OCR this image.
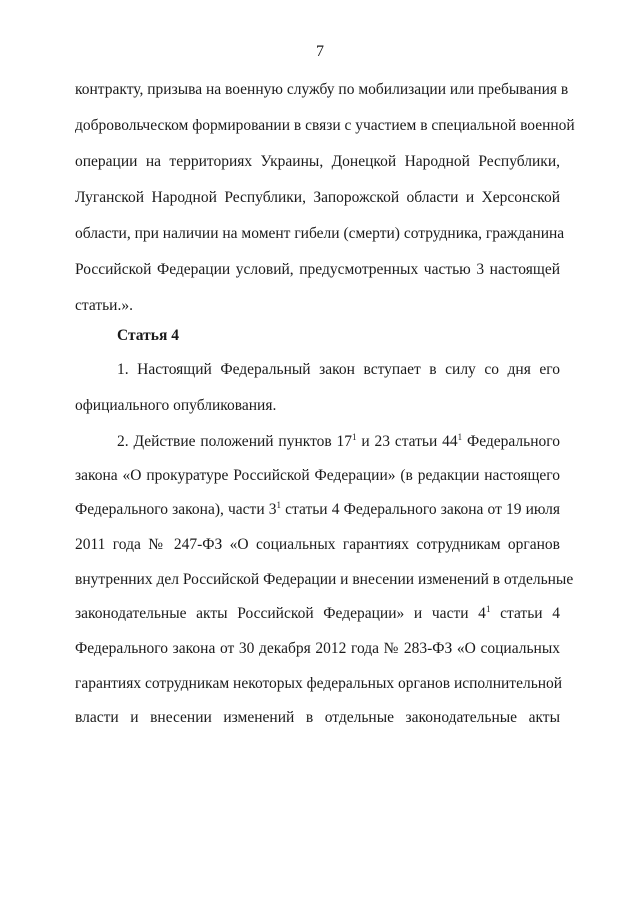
7
контракту, призыва на военную службу по мобилизации или пребывания в
добровольческом формировании в связи с участием в специальной военной
операции на территориях Украины, Донецкой Народной Республики,
Луганской Народной Республики, Запорожской области и Херсонской
области, при наличии на момент гибели (смерти) сотрудника, гражданина
Российской Федерации условий, предусмотренных частью 3 настоящей
статьи.».
Статья 4
1. Настоящий Федеральный закон вступает в силу со дня его
официального опубликования.
2. Действие положений пунктов $17^1$ и 23 статьи $44^1$ Федерального
закона «О прокуратуре Российской Федерации» (в редакции настоящего
Федерального закона), части $3^1$ статьи 4 Федерального закона от 19 июля
2011 года № 247-ФЗ «О социальных гарантиях сотрудникам органов
внутренних дел Российской Федерации и внесении изменений в отдельные
законодательные акты Российской Федерации» и части $4^1$ статьи 4
Федерального закона от 30 декабря 2012 года № 283-ФЗ «О социальных
гарантиях сотрудникам некоторых федеральных органов исполнительной
власти и внесении изменений в отдельные законодательные акты
